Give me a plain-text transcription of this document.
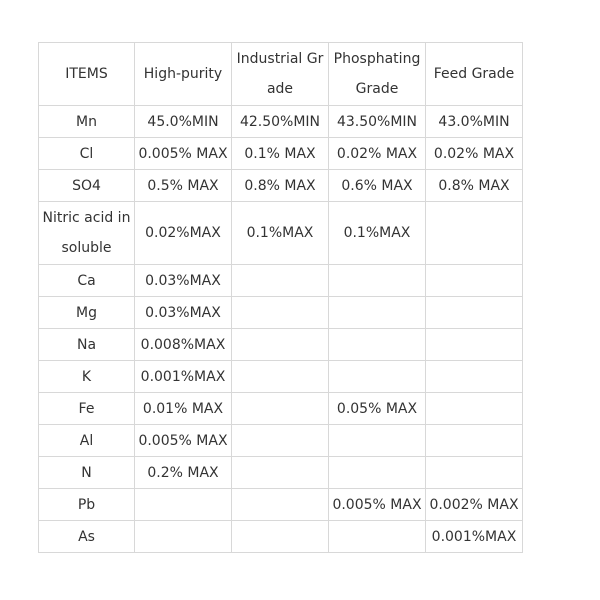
ITEMS	High-purity	Industrial Grade	Phosphating Grade	Feed Grade
Mn	45.0%MIN	42.50%MIN	43.50%MIN	43.0%MIN
Cl	0.005% MAX	0.1% MAX	0.02% MAX	0.02% MAX
SO4	0.5% MAX	0.8% MAX	0.6% MAX	0.8% MAX
Nitric acid insoluble	0.02%MAX	0.1%MAX	0.1%MAX	
Ca	0.03%MAX			
Mg	0.03%MAX			
Na	0.008%MAX			
K	0.001%MAX			
Fe	0.01% MAX		0.05% MAX	
Al	0.005% MAX			
N	0.2% MAX			
Pb			0.005% MAX	0.002% MAX
As				0.001%MAX
